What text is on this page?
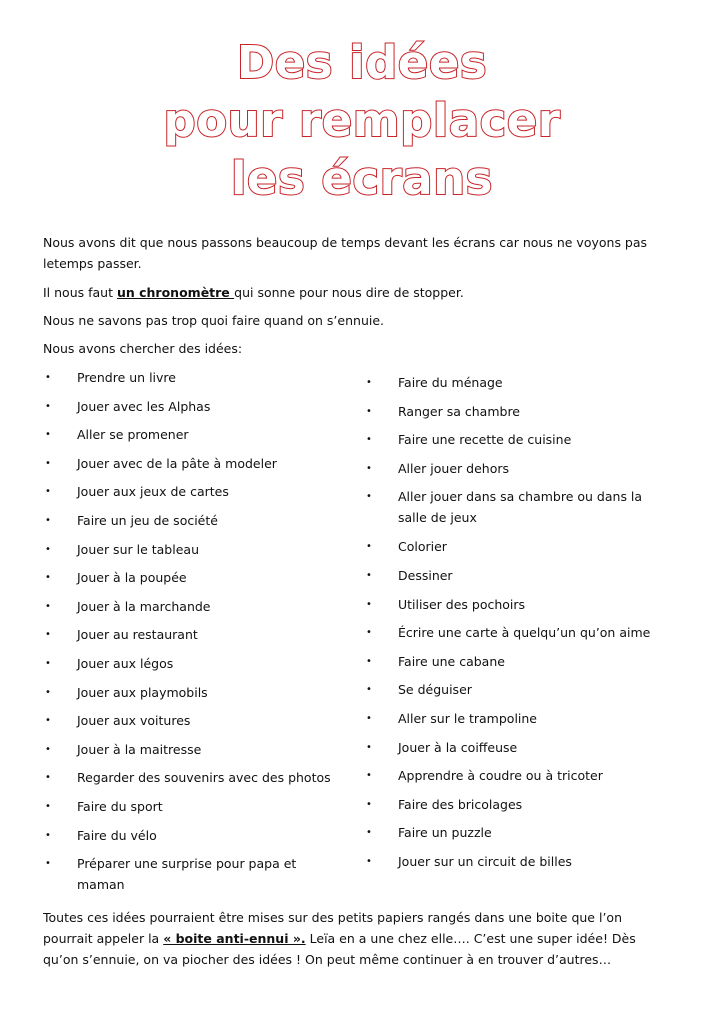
Des idées
pour remplacer
les écrans

Nous avons dit que nous passons beaucoup de temps devant les écrans car nous ne voyons pas letemps passer.

Il nous faut un chronomètre qui sonne pour nous dire de stopper.

Nous ne savons pas trop quoi faire quand on s’ennuie.

Nous avons chercher des idées:

• Prendre un livre
• Jouer avec les Alphas
• Aller se promener
• Jouer avec de la pâte à modeler
• Jouer aux jeux de cartes
• Faire un jeu de société
• Jouer sur le tableau
• Jouer à la poupée
• Jouer à la marchande
• Jouer au restaurant
• Jouer aux légos
• Jouer aux playmobils
• Jouer aux voitures
• Jouer à la maitresse
• Regarder des souvenirs avec des photos
• Faire du sport
• Faire du vélo
• Préparer une surprise pour papa et maman
• Faire du ménage
• Ranger sa chambre
• Faire une recette de cuisine
• Aller jouer dehors
• Aller jouer dans sa chambre ou dans la salle de jeux
• Colorier
• Dessiner
• Utiliser des pochoirs
• Écrire une carte à quelqu’un qu’on aime
• Faire une cabane
• Se déguiser
• Aller sur le trampoline
• Jouer à la coiffeuse
• Apprendre à coudre ou à tricoter
• Faire des bricolages
• Faire un puzzle
• Jouer sur un circuit de billes

Toutes ces idées pourraient être mises sur des petits papiers rangés dans une boite que l’on pourrait appeler la « boite anti-ennui ». Leïa en a une chez elle…. C’est une super idée! Dès qu’on s’ennuie, on va piocher des idées ! On peut même continuer à en trouver d’autres…
